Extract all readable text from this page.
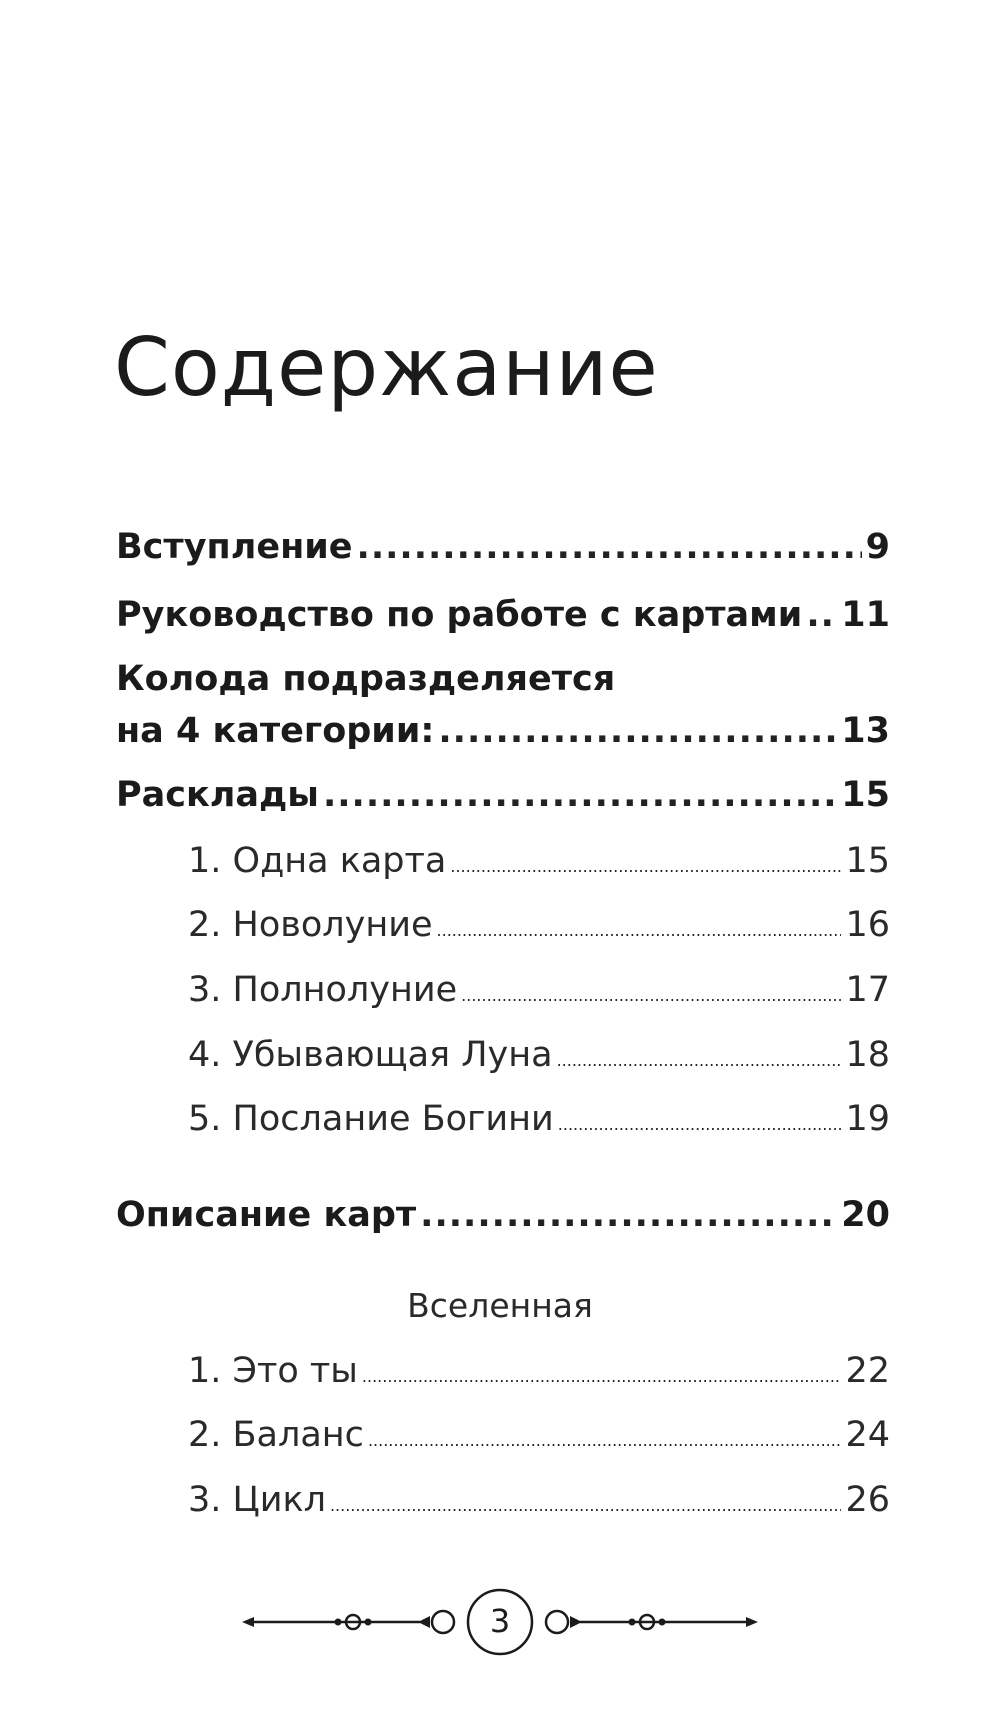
Содержание
Вступление .....	9
Руководство по работе с картами ..... 11
Колода подразделяется
на 4 категории: .....	13
Расклады .....	15
1. Одна карта .....	15
2. Новолуние .....	16
3. Полнолуние .....	17
4. Убывающая Луна .....	18
5. Послание Богини .....	19
Описание карт .....	20
Вселенная
1. Это ты .....	22
2. Баланс .....	24
3. Цикл .....	26
3
